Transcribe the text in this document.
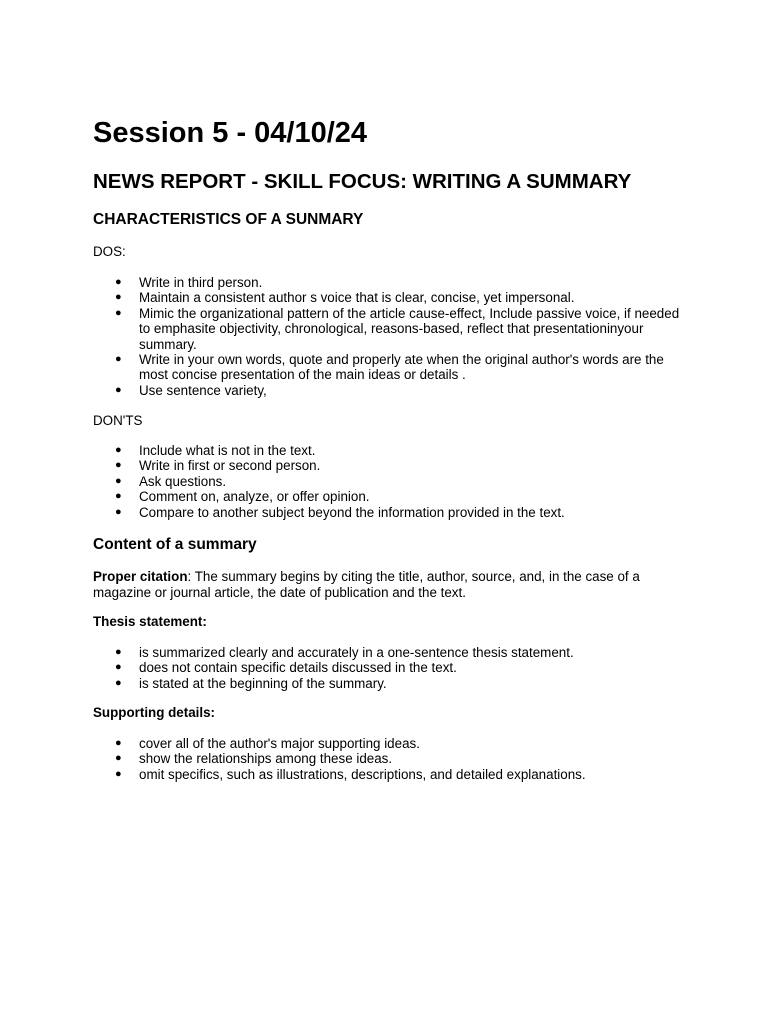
Session 5 - 04/10/24
NEWS REPORT - SKILL FOCUS: WRITING A SUMMARY
CHARACTERISTICS OF A SUNMARY

DOS:

● Write in third person.
● Maintain a consistent author s voice that is clear, concise, yet impersonal.
● Mimic the organizational pattern of the article cause-effect, Include passive voice, if needed to emphasite objectivity, chronological, reasons-based, reflect that presentationinyour summary.
● Write in your own words, quote and properly ate when the original author's words are the most concise presentation of the main ideas or details .
● Use sentence variety,

DON'TS

● Include what is not in the text.
● Write in first or second person.
● Ask questions.
● Comment on, analyze, or offer opinion.
● Compare to another subject beyond the information provided in the text.
Content of a summary

Proper citation: The summary begins by citing the title, author, source, and, in the case of a magazine or journal article, the date of publication and the text.

Thesis statement:

● is summarized clearly and accurately in a one-sentence thesis statement.
● does not contain specific details discussed in the text.
● is stated at the beginning of the summary.

Supporting details:

● cover all of the author's major supporting ideas.
● show the relationships among these ideas.
● omit specifics, such as illustrations, descriptions, and detailed explanations.
